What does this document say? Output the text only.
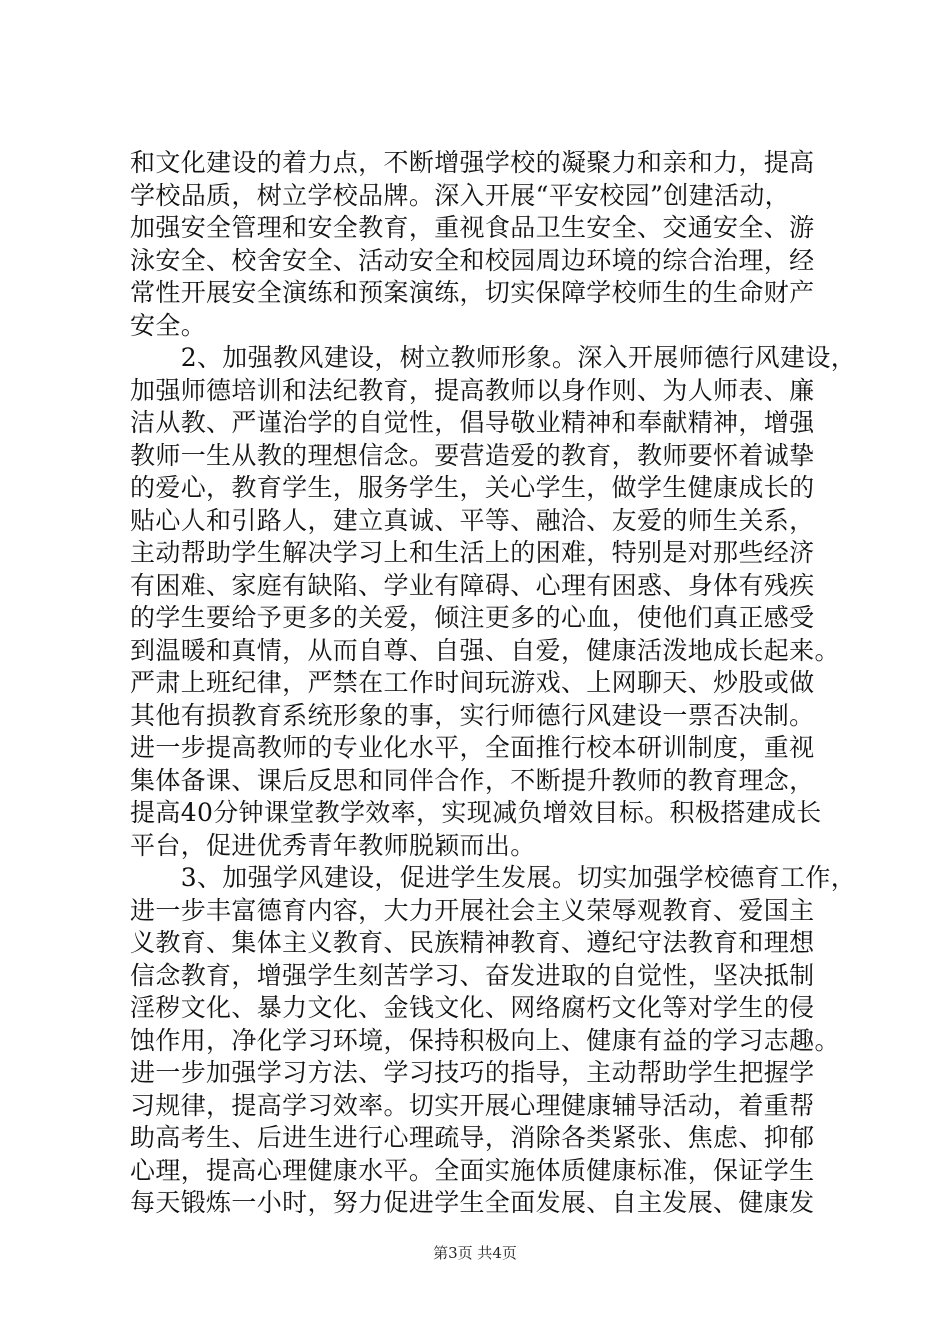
和文化建设的着力点，不断增强学校的凝聚力和亲和力，提高
学校品质，树立学校品牌。深入开展“平安校园”创建活动，
加强安全管理和安全教育，重视食品卫生安全、交通安全、游
泳安全、校舍安全、活动安全和校园周边环境的综合治理，经
常性开展安全演练和预案演练，切实保障学校师生的生命财产
安全。
　　2、加强教风建设，树立教师形象。深入开展师德行风建设，
加强师德培训和法纪教育，提高教师以身作则、为人师表、廉
洁从教、严谨治学的自觉性，倡导敬业精神和奉献精神，增强
教师一生从教的理想信念。要营造爱的教育，教师要怀着诚挚
的爱心，教育学生，服务学生，关心学生，做学生健康成长的
贴心人和引路人，建立真诚、平等、融洽、友爱的师生关系，
主动帮助学生解决学习上和生活上的困难，特别是对那些经济
有困难、家庭有缺陷、学业有障碍、心理有困惑、身体有残疾
的学生要给予更多的关爱，倾注更多的心血，使他们真正感受
到温暖和真情，从而自尊、自强、自爱，健康活泼地成长起来。
严肃上班纪律，严禁在工作时间玩游戏、上网聊天、炒股或做
其他有损教育系统形象的事，实行师德行风建设一票否决制。
进一步提高教师的专业化水平，全面推行校本研训制度，重视
集体备课、课后反思和同伴合作，不断提升教师的教育理念，
提高40分钟课堂教学效率，实现减负增效目标。积极搭建成长
平台，促进优秀青年教师脱颖而出。
　　3、加强学风建设，促进学生发展。切实加强学校德育工作，
进一步丰富德育内容，大力开展社会主义荣辱观教育、爱国主
义教育、集体主义教育、民族精神教育、遵纪守法教育和理想
信念教育，增强学生刻苦学习、奋发进取的自觉性，坚决抵制
淫秽文化、暴力文化、金钱文化、网络腐朽文化等对学生的侵
蚀作用，净化学习环境，保持积极向上、健康有益的学习志趣。
进一步加强学习方法、学习技巧的指导，主动帮助学生把握学
习规律，提高学习效率。切实开展心理健康辅导活动，着重帮
助高考生、后进生进行心理疏导，消除各类紧张、焦虑、抑郁
心理，提高心理健康水平。全面实施体质健康标准，保证学生
第3页 共4页
每天锻炼一小时，努力促进学生全面发展、自主发展、健康发
